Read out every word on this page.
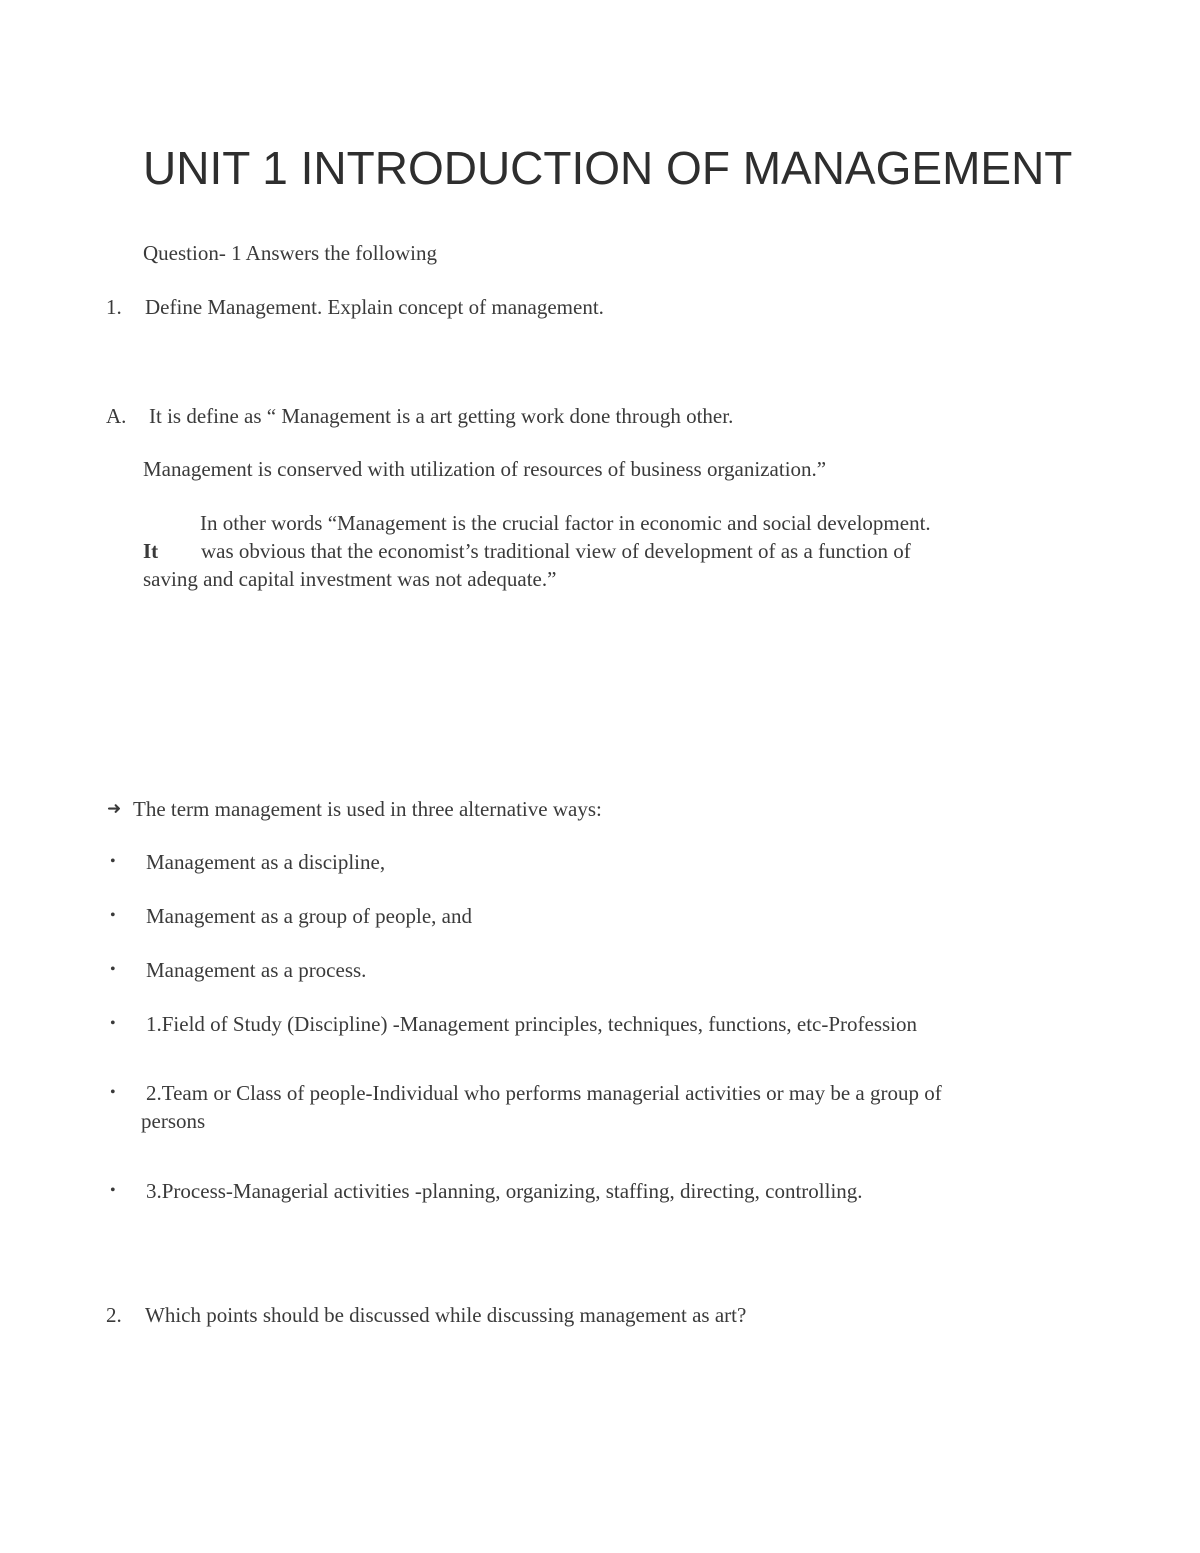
UNIT 1 INTRODUCTION OF MANAGEMENT
Question- 1 Answers the following
1. Define Management. Explain concept of management.
A. It is define as “ Management is a art getting work done through other.
Management is conserved with utilization of resources of business organization.”
In other words “Management is the crucial factor in economic and social development.
It was obvious that the economist’s traditional view of development of as a function of
saving and capital investment was not adequate.”
➜ The term management is used in three alternative ways:
• Management as a discipline,
• Management as a group of people, and
• Management as a process.
• 1.Field of Study (Discipline) -Management principles, techniques, functions, etc-Profession
• 2.Team or Class of people-Individual who performs managerial activities or may be a group of
persons
• 3.Process-Managerial activities -planning, organizing, staffing, directing, controlling.
2. Which points should be discussed while discussing management as art?
